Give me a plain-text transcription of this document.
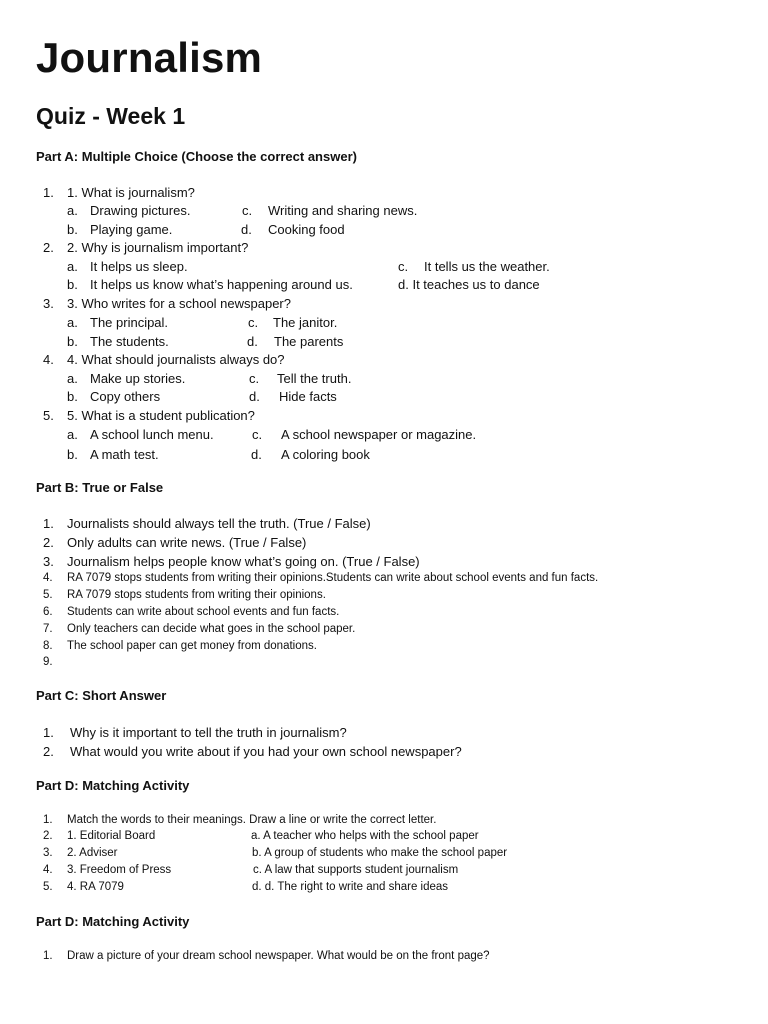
Journalism
Quiz - Week 1
Part A: Multiple Choice (Choose the correct answer)
1. 1. What is journalism?
a. Drawing pictures.	c. Writing and sharing news.
b. Playing game.	d. Cooking food
2. 2. Why is journalism important?
a. It helps us sleep.	c. It tells us the weather.
b. It helps us know what’s happening around us.	d. It teaches us to dance
3. 3. Who writes for a school newspaper?
a. The principal.	c. The janitor.
b. The students.	d. The parents
4. 4. What should journalists always do?
a. Make up stories.	c. Tell the truth.
b. Copy others	d. Hide facts
5. 5. What is a student publication?
a. A school lunch menu.	c. A school newspaper or magazine.
b. A math test.	d. A coloring book
Part B: True or False
1. Journalists should always tell the truth. (True / False)
2. Only adults can write news. (True / False)
3. Journalism helps people know what’s going on. (True / False)
4. RA 7079 stops students from writing their opinions.Students can write about school events and fun facts.
5. RA 7079 stops students from writing their opinions.
6. Students can write about school events and fun facts.
7. Only teachers can decide what goes in the school paper.
8. The school paper can get money from donations.
9.
Part C: Short Answer
1. Why is it important to tell the truth in journalism?
2. What would you write about if you had your own school newspaper?
Part D: Matching Activity
1. Match the words to their meanings. Draw a line or write the correct letter.
2. 1. Editorial Board	a. A teacher who helps with the school paper
3. 2. Adviser	b. A group of students who make the school paper
4. 3. Freedom of Press	c. A law that supports student journalism
5. 4. RA 7079	d. d. The right to write and share ideas
Part D: Matching Activity
1. Draw a picture of your dream school newspaper. What would be on the front page?
